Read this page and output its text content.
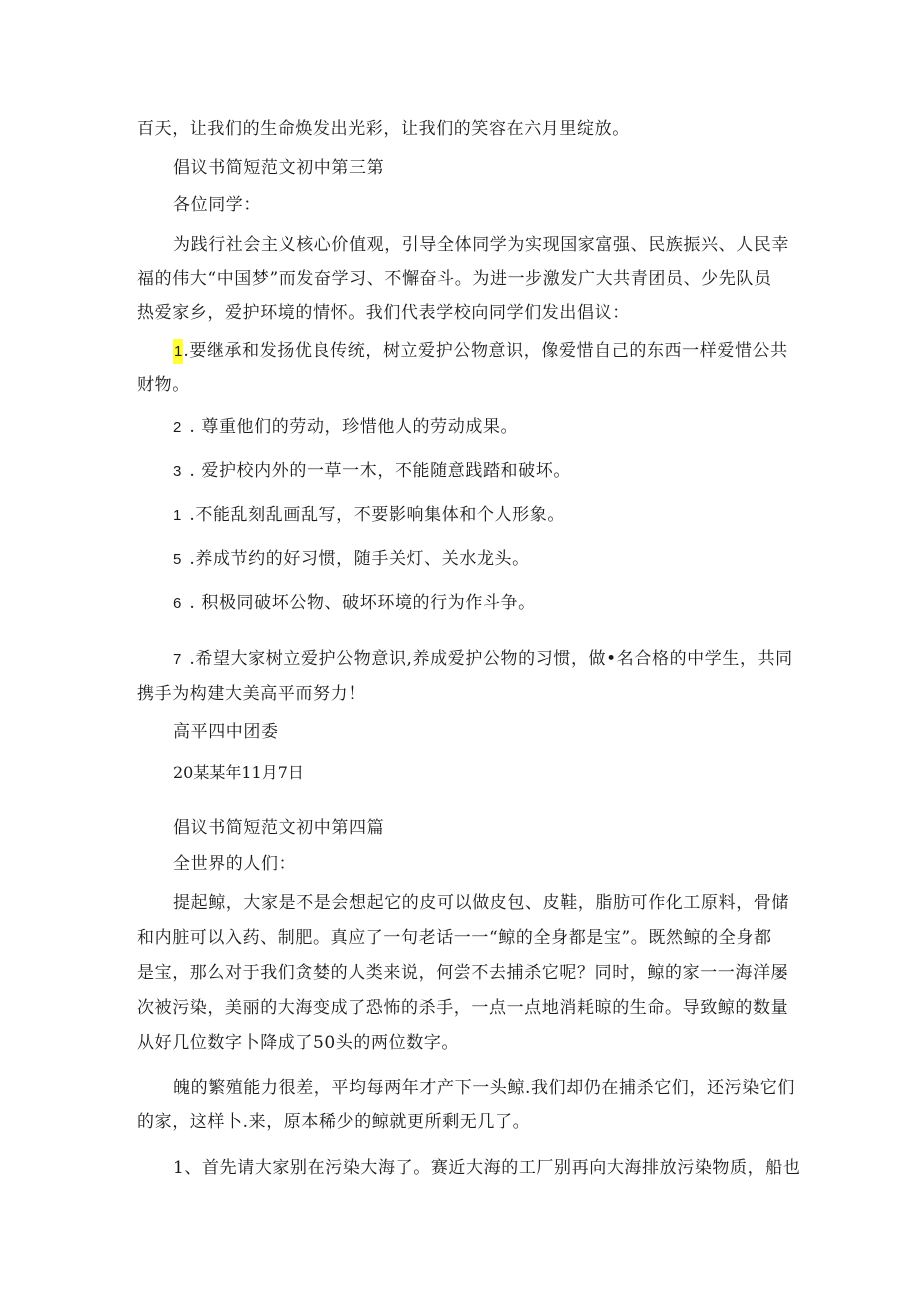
百天，让我们的生命焕发出光彩，让我们的笑容在六月里绽放。
倡议书简短范文初中第三第
各位同学：
为践行社会主义核心价值观，引导全体同学为实现国家富强、民族振兴、人民幸
福的伟大“中国梦”而发奋学习、不懈奋斗。为进一步激发广大共青团员、少先队员
热爱家乡，爱护环境的情怀。我们代表学校向同学们发出倡议：
1.要继承和发扬优良传统，树立爱护公物意识，像爱惜自己的东西一样爱惜公共
财物。
2 . 尊重他们的劳动，珍惜他人的劳动成果。
3 . 爱护校内外的一草一木，不能随意践踏和破坏。
1 .不能乱刻乱画乱写，不要影响集体和个人形象。
5 .养成节约的好习惯，随手关灯、关水龙头。
6 . 积极同破坏公物、破坏环境的行为作斗争。
7 .希望大家树立爱护公物意识,养成爱护公物的习惯，做•名合格的中学生，共同
携手为构建大美高平而努力！
高平四中团委
20某某年11月7日
倡议书简短范文初中第四篇
全世界的人们：
提起鲸，大家是不是会想起它的皮可以做皮包、皮鞋，脂肪可作化工原料，骨储
和内脏可以入药、制肥。真应了一句老话一一“鲸的全身都是宝”。既然鲸的全身都
是宝，那么对于我们贪婪的人类来说，何尝不去捕杀它呢？同时，鲸的家一一海洋屡
次被污染，美丽的大海变成了恐怖的杀手，一点一点地消耗晾的生命。导致鲸的数量
从好几位数字卜降成了50头的两位数字。
魄的繁殖能力很差，平均每两年才产下一头鲸.我们却仍在捕杀它们，还污染它们
的家，这样卜.来，原本稀少的鲸就更所剩无几了。
1、首先请大家别在污染大海了。赛近大海的工厂别再向大海排放污染物质，船也
